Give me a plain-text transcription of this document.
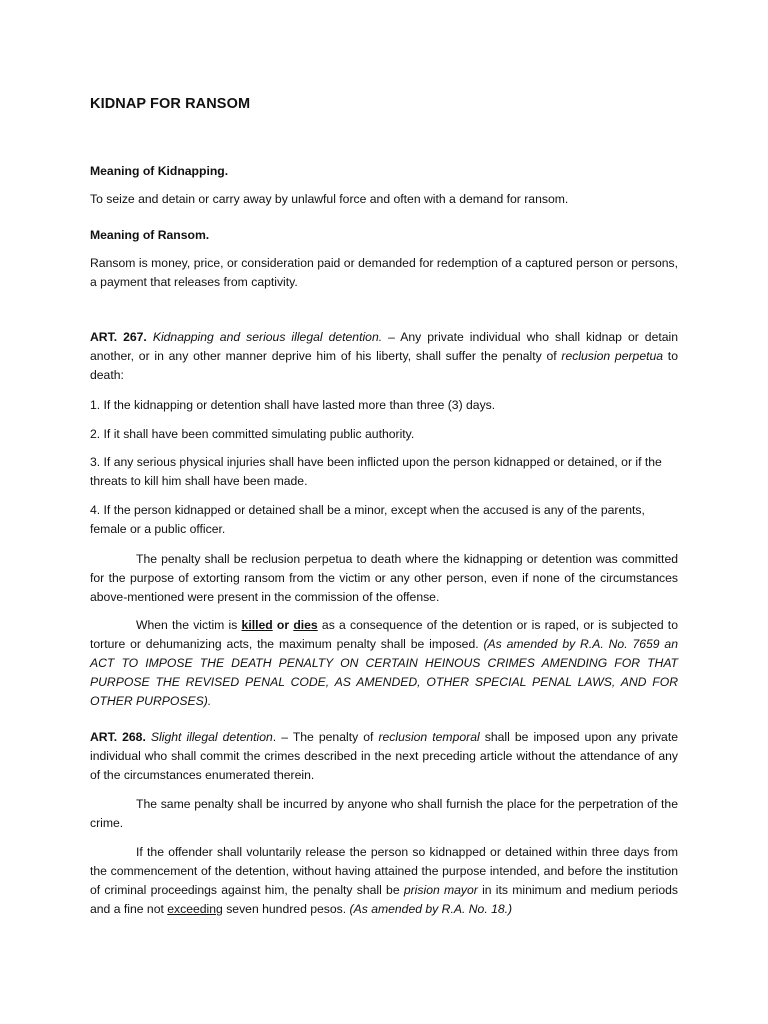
KIDNAP FOR RANSOM

Meaning of Kidnapping.

To seize and detain or carry away by unlawful force and often with a demand for ransom.

Meaning of Ransom.

Ransom is money, price, or consideration paid or demanded for redemption of a captured person or persons, a payment that releases from captivity.

ART. 267. Kidnapping and serious illegal detention. – Any private individual who shall kidnap or detain another, or in any other manner deprive him of his liberty, shall suffer the penalty of reclusion perpetua to death:

1. If the kidnapping or detention shall have lasted more than three (3) days.

2. If it shall have been committed simulating public authority.

3. If any serious physical injuries shall have been inflicted upon the person kidnapped or detained, or if the threats to kill him shall have been made.

4. If the person kidnapped or detained shall be a minor, except when the accused is any of the parents, female or a public officer.

The penalty shall be reclusion perpetua to death where the kidnapping or detention was committed for the purpose of extorting ransom from the victim or any other person, even if none of the circumstances above-mentioned were present in the commission of the offense.

When the victim is killed or dies as a consequence of the detention or is raped, or is subjected to torture or dehumanizing acts, the maximum penalty shall be imposed. (As amended by R.A. No. 7659 an ACT TO IMPOSE THE DEATH PENALTY ON CERTAIN HEINOUS CRIMES AMENDING FOR THAT PURPOSE THE REVISED PENAL CODE, AS AMENDED, OTHER SPECIAL PENAL LAWS, AND FOR OTHER PURPOSES).

ART. 268. Slight illegal detention. – The penalty of reclusion temporal shall be imposed upon any private individual who shall commit the crimes described in the next preceding article without the attendance of any of the circumstances enumerated therein.

The same penalty shall be incurred by anyone who shall furnish the place for the perpetration of the crime.

If the offender shall voluntarily release the person so kidnapped or detained within three days from the commencement of the detention, without having attained the purpose intended, and before the institution of criminal proceedings against him, the penalty shall be prision mayor in its minimum and medium periods and a fine not exceeding seven hundred pesos. (As amended by R.A. No. 18.)
